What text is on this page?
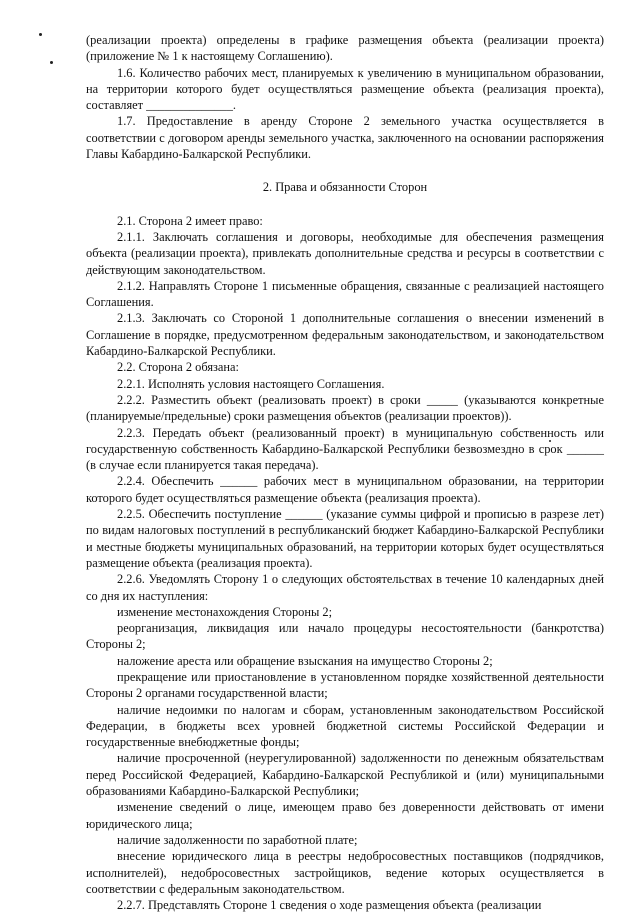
(реализации проекта) определены в графике размещения объекта (реализации проекта) (приложение № 1 к настоящему Соглашению).

1.6. Количество рабочих мест, планируемых к увеличению в муниципальном образовании, на территории которого будет осуществляться размещение объекта (реализация проекта), составляет ______________.

1.7. Предоставление в аренду Стороне 2 земельного участка осуществляется в соответствии с договором аренды земельного участка, заключенного на основании распоряжения Главы Кабардино-Балкарской Республики.

2. Права и обязанности Сторон

2.1. Сторона 2 имеет право:

2.1.1. Заключать соглашения и договоры, необходимые для обеспечения размещения объекта (реализации проекта), привлекать дополнительные средства и ресурсы в соответствии с действующим законодательством.

2.1.2. Направлять Стороне 1 письменные обращения, связанные с реализацией настоящего Соглашения.

2.1.3. Заключать со Стороной 1 дополнительные соглашения о внесении изменений в Соглашение в порядке, предусмотренном федеральным законодательством, и законодательством Кабардино-Балкарской Республики.

2.2. Сторона 2 обязана:

2.2.1. Исполнять условия настоящего Соглашения.

2.2.2. Разместить объект (реализовать проект) в сроки _____ (указываются конкретные (планируемые/предельные) сроки размещения объектов (реализации проектов)).

2.2.3. Передать объект (реализованный проект) в муниципальную собственность или государственную собственность Кабардино-Балкарской Республики безвозмездно в срок ______ (в случае если планируется такая передача).

2.2.4. Обеспечить ______ рабочих мест в муниципальном образовании, на территории которого будет осуществляться размещение объекта (реализация проекта).

2.2.5. Обеспечить поступление ______ (указание суммы цифрой и прописью в разрезе лет) по видам налоговых поступлений в республиканский бюджет Кабардино-Балкарской Республики и местные бюджеты муниципальных образований, на территории которых будет осуществляться размещение объекта (реализация проекта).

2.2.6. Уведомлять Сторону 1 о следующих обстоятельствах в течение 10 календарных дней со дня их наступления:

изменение местонахождения Стороны 2;

реорганизация, ликвидация или начало процедуры несостоятельности (банкротства) Стороны 2;

наложение ареста или обращение взыскания на имущество Стороны 2;

прекращение или приостановление в установленном порядке хозяйственной деятельности Стороны 2 органами государственной власти;

наличие недоимки по налогам и сборам, установленным законодательством Российской Федерации, в бюджеты всех уровней бюджетной системы Российской Федерации и государственные внебюджетные фонды;

наличие просроченной (неурегулированной) задолженности по денежным обязательствам перед Российской Федерацией, Кабардино-Балкарской Республикой и (или) муниципальными образованиями Кабардино-Балкарской Республики;

изменение сведений о лице, имеющем право без доверенности действовать от имени юридического лица;

наличие задолженности по заработной плате;

внесение юридического лица в реестры недобросовестных поставщиков (подрядчиков, исполнителей), недобросовестных застройщиков, ведение которых осуществляется в соответствии с федеральным законодательством.

2.2.7. Представлять Стороне 1 сведения о ходе размещения объекта (реализации
